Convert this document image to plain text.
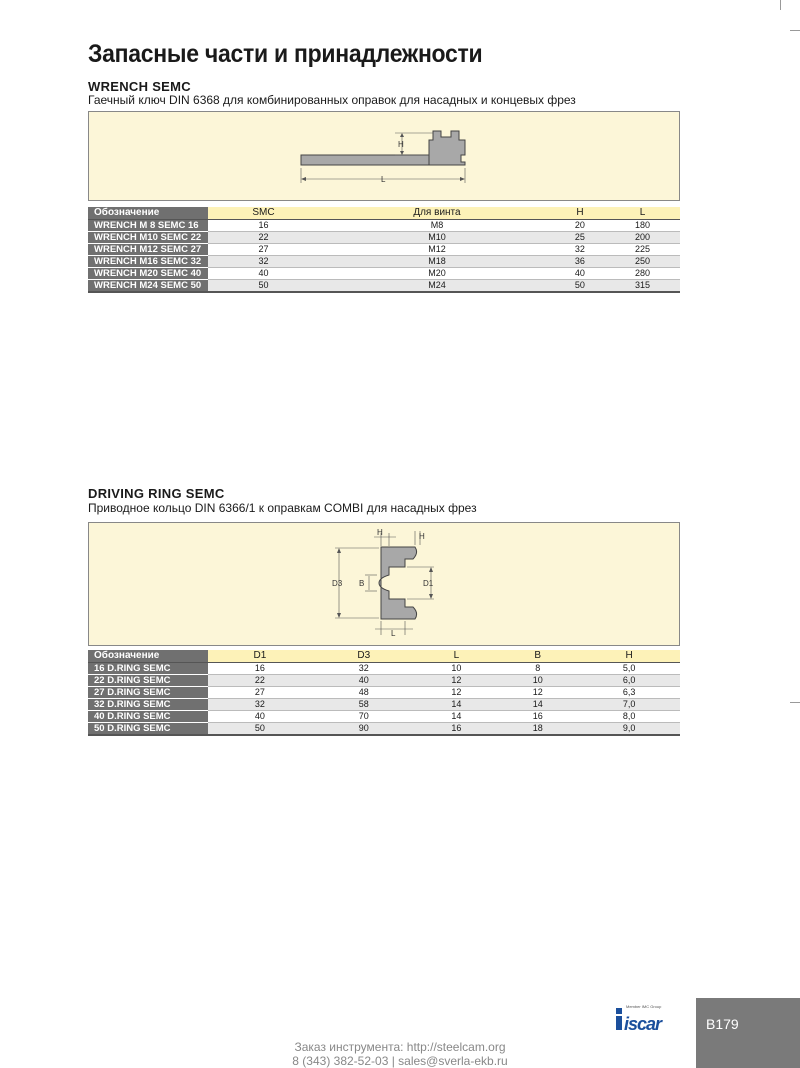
Запасные части и принадлежности
WRENCH SEMC
Гаечный ключ DIN 6368 для комбинированных оправок для насадных и концевых фрез
H
L
Обозначение	SMC	Для винта	H	L
WRENCH M 8 SEMC 16	16	M8	20	180
WRENCH M10 SEMC 22	22	M10	25	200
WRENCH M12 SEMC 27	27	M12	32	225
WRENCH M16 SEMC 32	32	M18	36	250
WRENCH M20 SEMC 40	40	M20	40	280
WRENCH M24 SEMC 50	50	M24	50	315
DRIVING RING SEMC
Приводное кольцо DIN 6366/1 к оправкам COMBI для насадных фрез
D3 B	D1
H	H
L
Обозначение	D1	D3	L	B	H
16 D.RING SEMC	16	32	10	8	5,0
22 D.RING SEMC	22	40	12	10	6,0
27 D.RING SEMC	27	48	12	12	6,3
32 D.RING SEMC	32	58	14	14	7,0
40 D.RING SEMC	40	70	14	16	8,0
50 D.RING SEMC	50	90	16	18	9,0
Member IMC Group
iscar	B179
Заказ инструмента: http://steelcam.org
8 (343) 382-52-03 | sales@sverla-ekb.ru
